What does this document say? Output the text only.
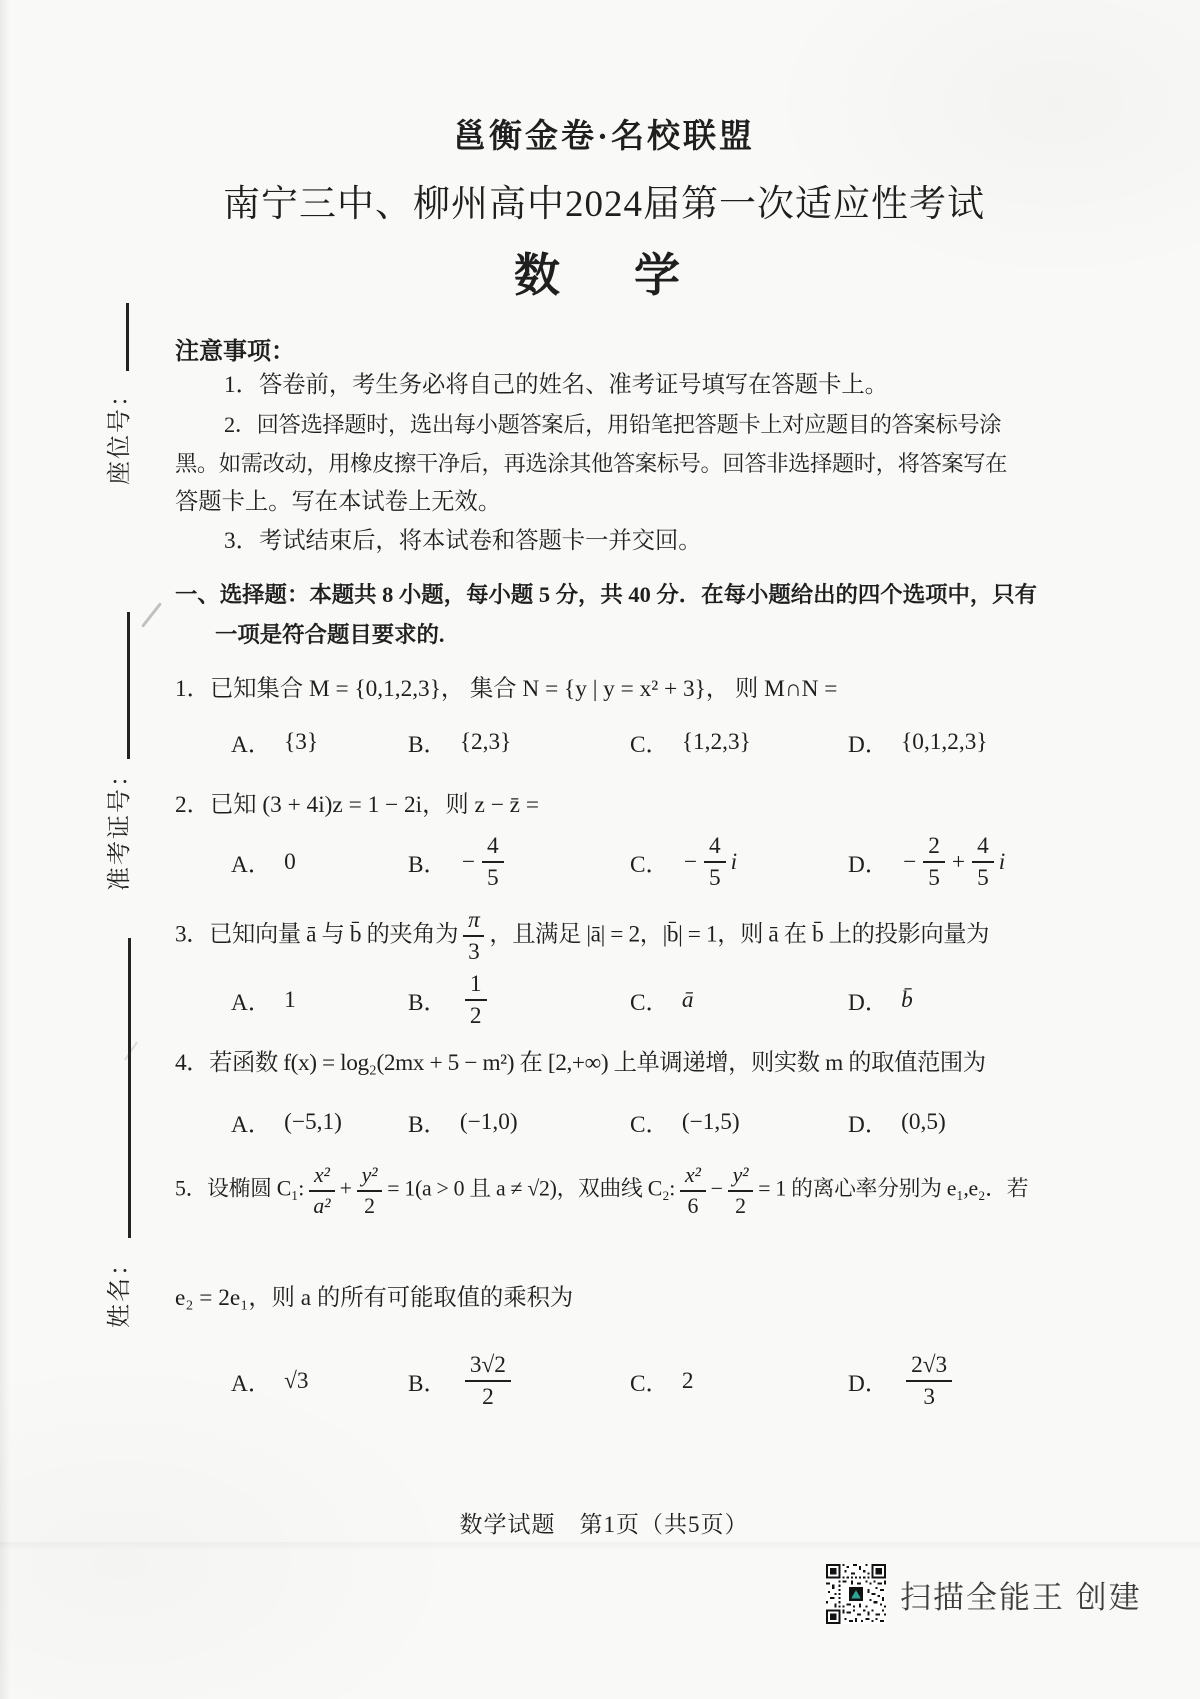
座位号：
准考证号：
姓名：
邕衡金卷·名校联盟
南宁三中、柳州高中2024届第一次适应性考试
数　学
注意事项：
1．答卷前，考生务必将自己的姓名、准考证号填写在答题卡上。
2．回答选择题时，选出每小题答案后，用铅笔把答题卡上对应题目的答案标号涂
黑。如需改动，用橡皮擦干净后，再选涂其他答案标号。回答非选择题时，将答案写在
答题卡上。写在本试卷上无效。
3．考试结束后，将本试卷和答题卡一并交回。
一、选择题：本题共 8 小题，每小题 5 分，共 40 分．在每小题给出的四个选项中，只有
一项是符合题目要求的.
1．已知集合 M = {0,1,2,3}， 集合 N = {y | y = x² + 3}， 则 M∩N =
A． {3}	B． {2,3}	C． {1,2,3}	D． {0,1,2,3}
2．已知 (3 + 4i)z = 1 − 2i，则 z − z̄ =
A． 0	B． − $\frac{4}{5}$	C． − $\frac{4}{5}$ i	D． − $\frac{2}{5} + \frac{4}{5}$ i
3．已知向量 ā 与 b̄ 的夹角为 $\frac{\pi}{3}$ ，且满足 |ā| = 2，|b̄| = 1，则 ā 在 b̄ 上的投影向量为
A． 1	B．
1
2	C． ā	D． b̄
4．若函数 f(x) = log₂(2mx + 5 − m²) 在 [2,+∞) 上单调递增，则实数 m 的取值范围为
A． (−5,1)	B． (−1,0)	C． (−1,5)	D． (0,5)
5．设椭圆 C₁: $\frac{\text{x²}}{\text{a²}} + \frac{\text{y²}}{2} = 1(a > 0$ 且 a ≠ √2)，双曲线 C₂: $\frac{\text{x²}}{6} - \frac{\text{y²}}{2} = 1$ 的离心率分别为 e₁,e₂．若
e₂ = 2e₁，则 a 的所有可能取值的乘积为
A． √3	B．
3√2
2	C． 2	D．
2√3
3
数学试题　第1页（共5页）
扫描全能王 创建
